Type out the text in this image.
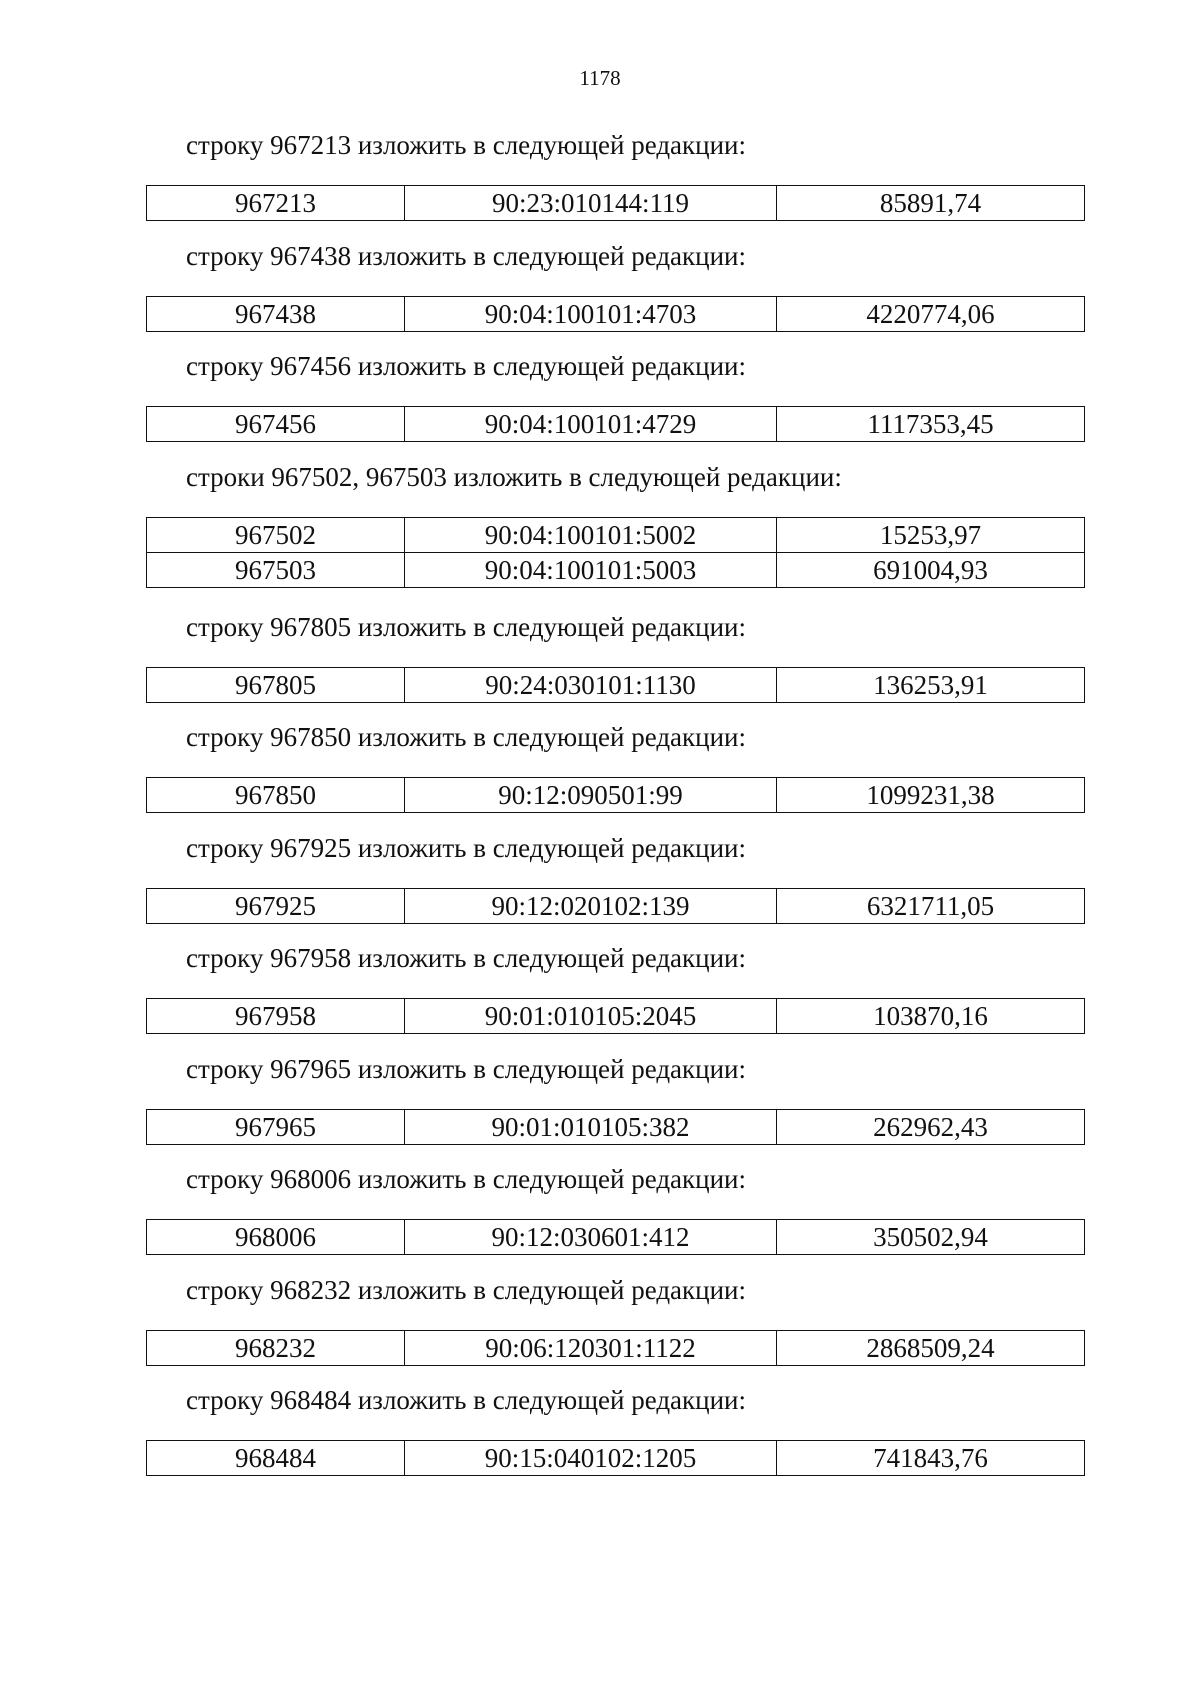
1178
строку 967213 изложить в следующей редакции:
967213	90:23:010144:119	85891,74
строку 967438 изложить в следующей редакции:
967438	90:04:100101:4703	4220774,06
строку 967456 изложить в следующей редакции:
967456	90:04:100101:4729	1117353,45
строки 967502, 967503 изложить в следующей редакции:
967502	90:04:100101:5002	15253,97
967503	90:04:100101:5003	691004,93
строку 967805 изложить в следующей редакции:
967805	90:24:030101:1130	136253,91
строку 967850 изложить в следующей редакции:
967850	90:12:090501:99	1099231,38
строку 967925 изложить в следующей редакции:
967925	90:12:020102:139	6321711,05
строку 967958 изложить в следующей редакции:
967958	90:01:010105:2045	103870,16
строку 967965 изложить в следующей редакции:
967965	90:01:010105:382	262962,43
строку 968006 изложить в следующей редакции:
968006	90:12:030601:412	350502,94
строку 968232 изложить в следующей редакции:
968232	90:06:120301:1122	2868509,24
строку 968484 изложить в следующей редакции:
968484	90:15:040102:1205	741843,76
